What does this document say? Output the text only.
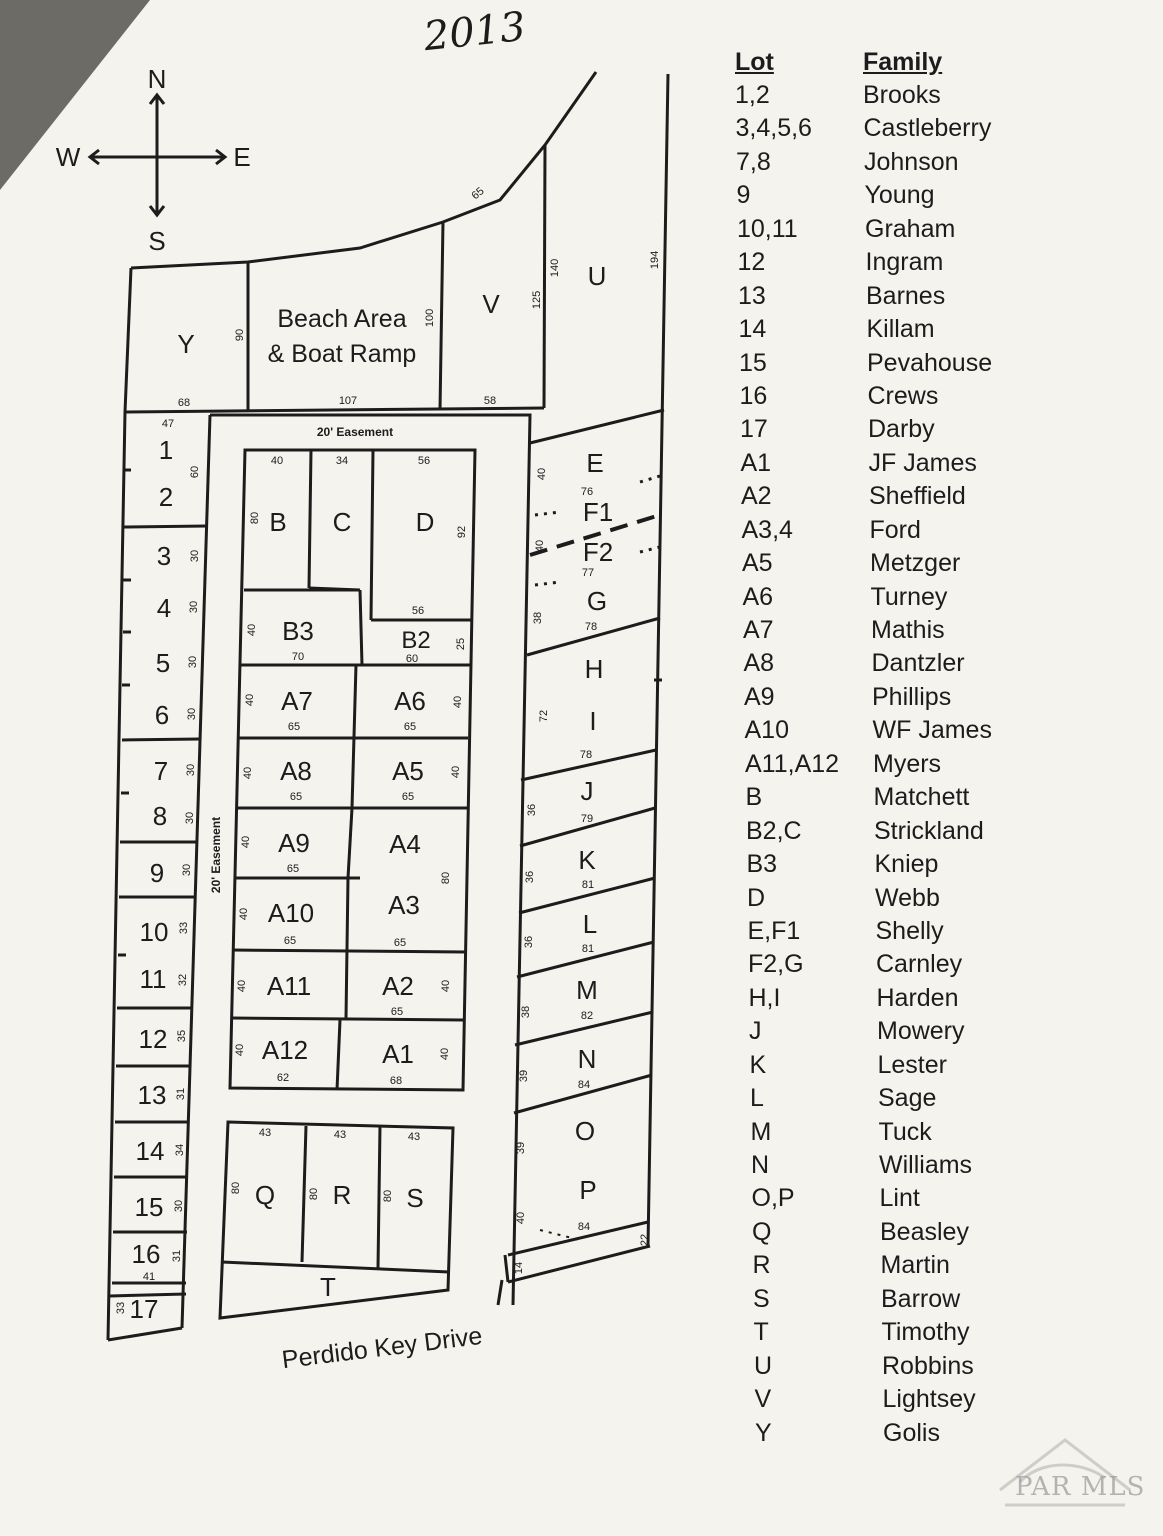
N
S
W	E
2013
Y
Beach Area
& Boat Ramp
V
U
68	107	58
90
100
125
140	194
65
20' Easement
20' Easement
1
2
3
4
5
6
7
8
9
10
11
12
13
14
15
16
17
47
60
30
30
30
30
30
30
30
33
32
35
31
34
30
31
41
33
B C D
B3	B2
40	34	56
80
92
56
40
70	60
25
A7	A6
A8	A5
A9	A4
A10	A3
A11	A2
A12	A1
40
65	65
40
40
65	65
40
40
65
80
40
65	65
40
65
40
40
62	68
40
Q R S
T
43	43	43
80	80	80
E
F1
F2
G
H
I
J
K
L
M
N
O
P
40
76
40
77
38
78
72
78
36
79
36
81
36
81
38	82
39
84
39
40
84
22
14
Perdido Key Drive
Lot	Family
1,2	Brooks
3,4,5,6 Castleberry
7,8	Johnson
9	Young
10,11	Graham
12	Ingram
13	Barnes
14	Killam
15	Pevahouse
16	Crews
17	Darby
A1	JF James
A2	Sheffield
A3,4	Ford
A5	Metzger
A6	Turney
A7	Mathis
A8	Dantzler
A9	Phillips
A10	WF James
A11,A12 Myers
B	Matchett
B2,C	Strickland
B3	Kniep
D	Webb
E,F1	Shelly
F2,G	Carnley
H,I	Harden
J	Mowery
K	Lester
L	Sage
M	Tuck
N	Williams
O,P	Lint
Q	Beasley
R	Martin
S	Barrow
T	Timothy
U	Robbins
V	Lightsey
Y	Golis
PAR MLS
